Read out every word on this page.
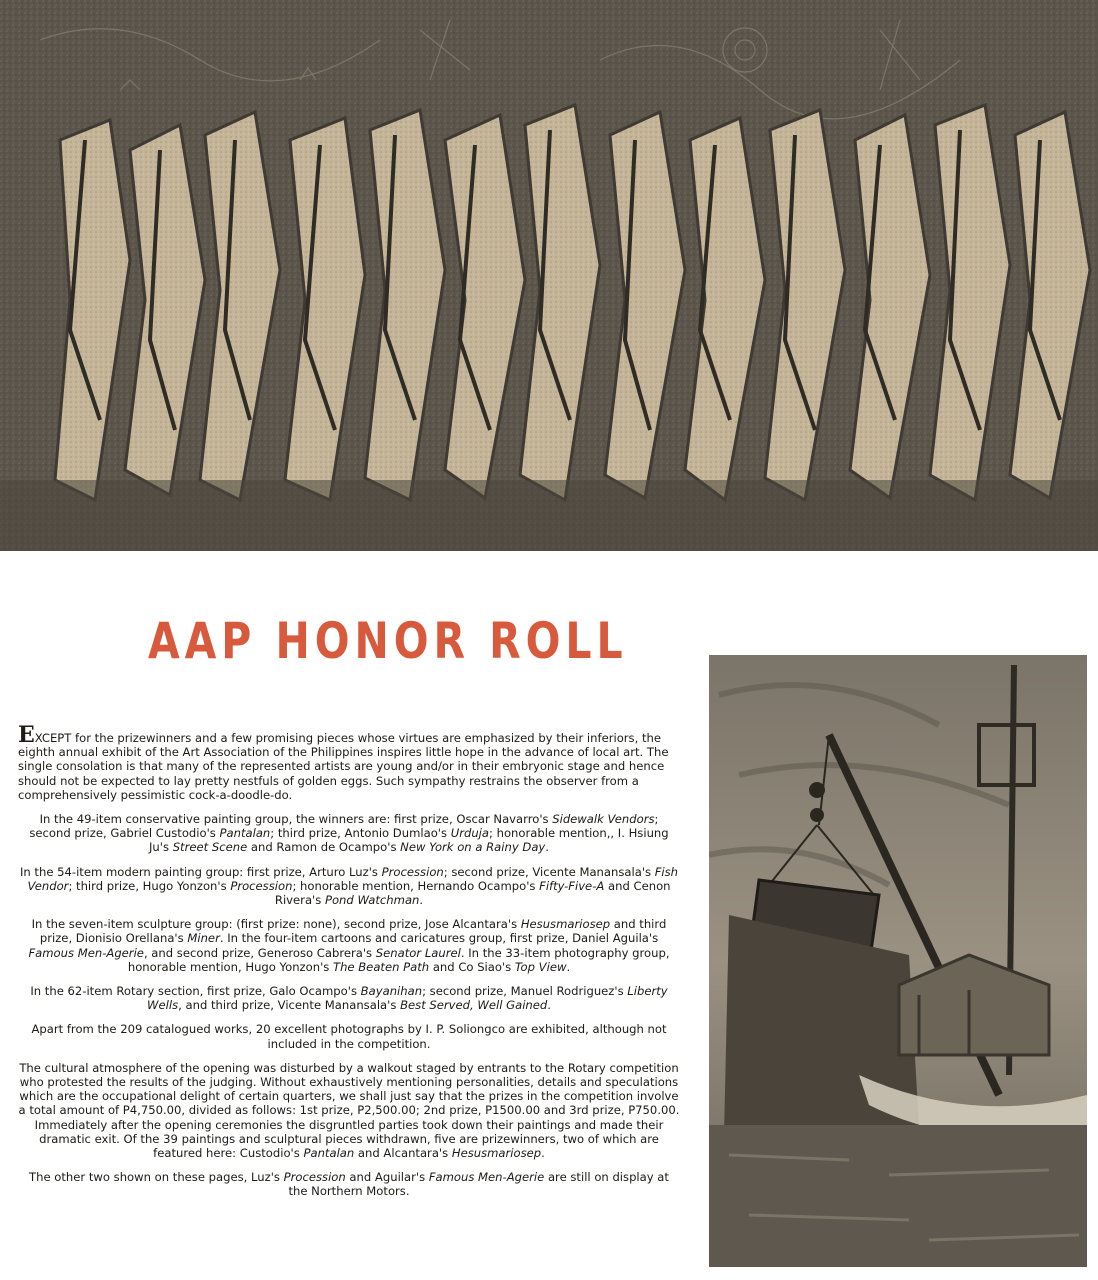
AAP HONOR ROLL

EXCEPT for the prizewinners and a few promising pieces whose virtues are emphasized by their inferiors, the eighth annual exhibit of the Art Association of the Philippines inspires little hope in the advance of local art. The single consolation is that many of the represented artists are young and/or in their embryonic stage and hence should not be expected to lay pretty nestfuls of golden eggs. Such sympathy restrains the observer from a comprehensively pessimistic cock-a-doodle-do.

In the 49-item conservative painting group, the winners are: first prize, Oscar Navarro's Sidewalk Vendors; second prize, Gabriel Custodio's Pantalan; third prize, Antonio Dumlao's Urduja; honorable mention,, I. Hsiung Ju's Street Scene and Ramon de Ocampo's New York on a Rainy Day.

In the 54-item modern painting group: first prize, Arturo Luz's Procession; second prize, Vicente Manansala's Fish Vendor; third prize, Hugo Yonzon's Procession; honorable mention, Hernando Ocampo's Fifty-Five-A and Cenon Rivera's Pond Watchman.

In the seven-item sculpture group: (first prize: none), second prize, Jose Alcantara's Hesusmariosep and third prize, Dionisio Orellana's Miner. In the four-item cartoons and caricatures group, first prize, Daniel Aguila's Famous Men-Agerie, and second prize, Generoso Cabrera's Senator Laurel. In the 33-item photography group, honorable mention, Hugo Yonzon's The Beaten Path and Co Siao's Top View.

In the 62-item Rotary section, first prize, Galo Ocampo's Bayanihan; second prize, Manuel Rodriguez's Liberty Wells, and third prize, Vicente Manansala's Best Served, Well Gained.

Apart from the 209 catalogued works, 20 excellent photographs by I. P. Soliongco are exhibited, although not included in the competition.

The cultural atmosphere of the opening was disturbed by a walkout staged by entrants to the Rotary competition who protested the results of the judging. Without exhaustively mentioning personalities, details and speculations which are the occupational delight of certain quarters, we shall just say that the prizes in the competition involve a total amount of P4,750.00, divided as follows: 1st prize, P2,500.00; 2nd prize, P1500.00 and 3rd prize, P750.00. Immediately after the opening ceremonies the disgruntled parties took down their paintings and made their dramatic exit. Of the 39 paintings and sculptural pieces withdrawn, five are prizewinners, two of which are featured here: Custodio's Pantalan and Alcantara's Hesusmariosep.

The other two shown on these pages, Luz's Procession and Aguilar's Famous Men-Agerie are still on display at the Northern Motors.
